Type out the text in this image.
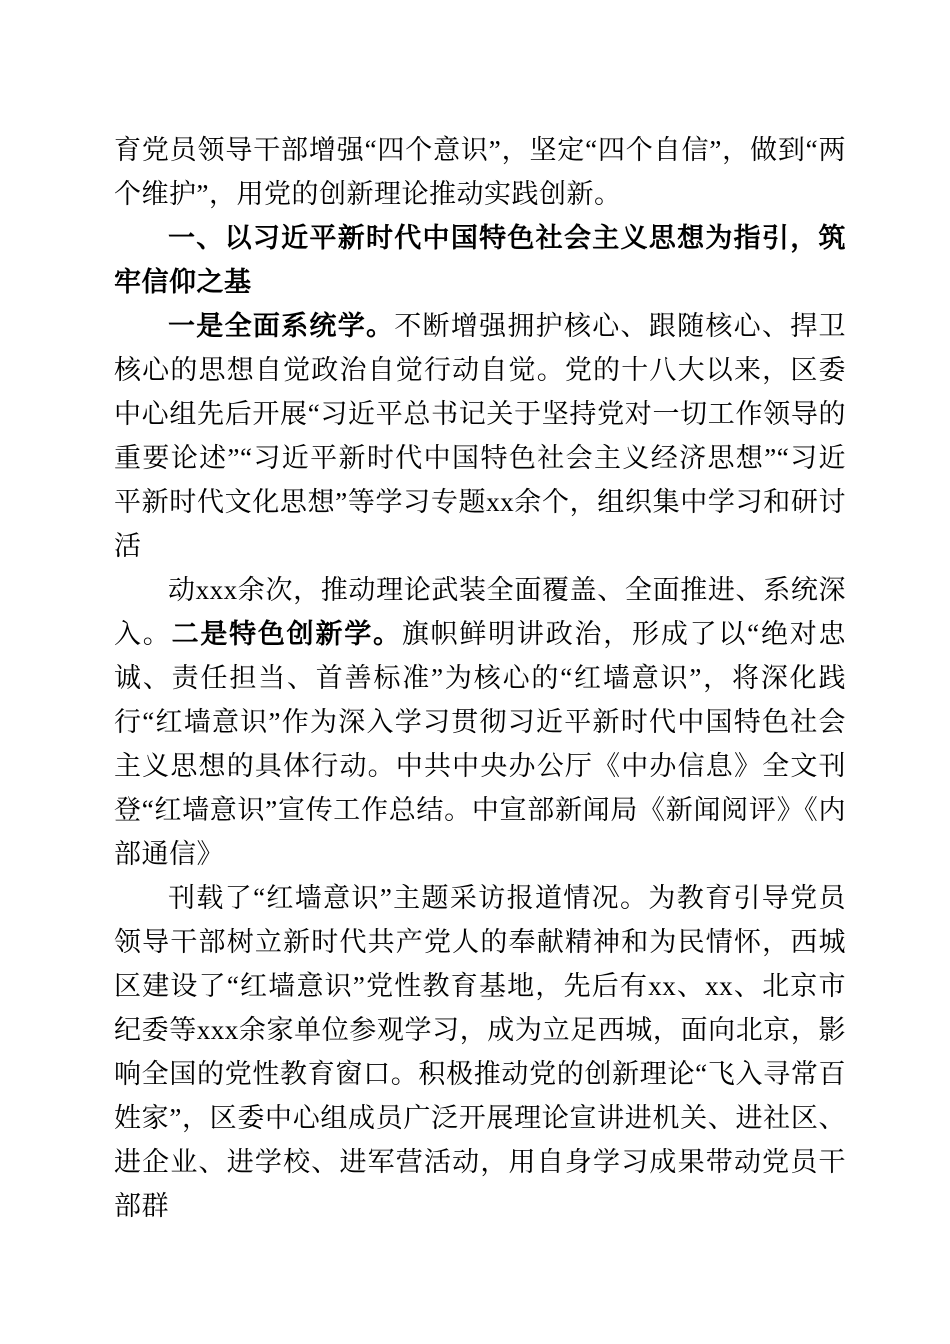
育党员领导干部增强“四个意识”，坚定“四个自信”，做到“两个维护”，用党的创新理论推动实践创新。

一、以习近平新时代中国特色社会主义思想为指引，筑牢信仰之基

一是全面系统学。不断增强拥护核心、跟随核心、捍卫核心的思想自觉政治自觉行动自觉。党的十八大以来，区委中心组先后开展“习近平总书记关于坚持党对一切工作领导的重要论述”“习近平新时代中国特色社会主义经济思想”“习近平新时代文化思想”等学习专题xx余个，组织集中学习和研讨活

动xxx余次，推动理论武装全面覆盖、全面推进、系统深入。二是特色创新学。旗帜鲜明讲政治，形成了以“绝对忠诚、责任担当、首善标准”为核心的“红墙意识”，将深化践行“红墙意识”作为深入学习贯彻习近平新时代中国特色社会主义思想的具体行动。中共中央办公厅《中办信息》全文刊登“红墙意识”宣传工作总结。中宣部新闻局《新闻阅评》《内部通信》

刊载了“红墙意识”主题采访报道情况。为教育引导党员领导干部树立新时代共产党人的奉献精神和为民情怀，西城区建设了“红墙意识”党性教育基地，先后有xx、xx、北京市纪委等xxx余家单位参观学习，成为立足西城，面向北京，影响全国的党性教育窗口。积极推动党的创新理论“飞入寻常百姓家”，区委中心组成员广泛开展理论宣讲进机关、进社区、进企业、进学校、进军营活动，用自身学习成果带动党员干部群
